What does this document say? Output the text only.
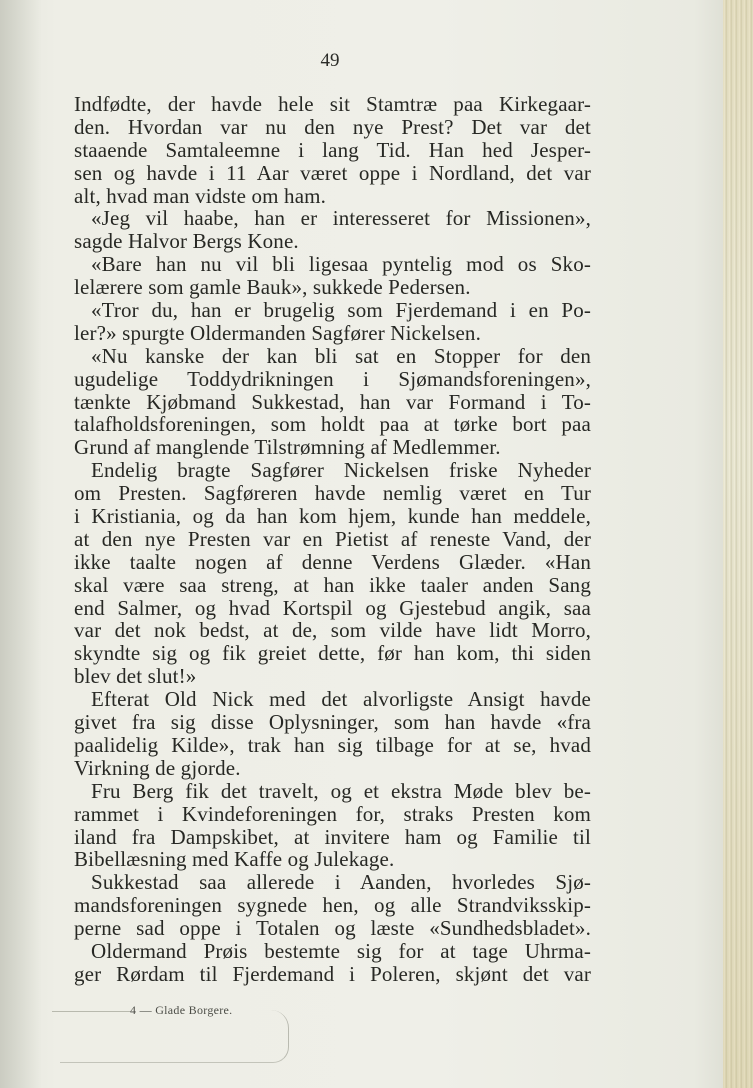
49
Indfødte, der havde hele sit Stamtræ paa Kirkegaar-
den. Hvordan var nu den nye Prest? Det var det
staaende Samtaleemne i lang Tid. Han hed Jesper-
sen og havde i 11 Aar været oppe i Nordland, det var
alt, hvad man vidste om ham.
«Jeg vil haabe, han er interesseret for Missionen»,
sagde Halvor Bergs Kone.
«Bare han nu vil bli ligesaa pyntelig mod os Sko-
lelærere som gamle Bauk», sukkede Pedersen.
«Tror du, han er brugelig som Fjerdemand i en Po-
ler?» spurgte Oldermanden Sagfører Nickelsen.
«Nu kanske der kan bli sat en Stopper for den
ugudelige Toddydrikningen i Sjømandsforeningen»,
tænkte Kjøbmand Sukkestad, han var Formand i To-
talafholdsforeningen, som holdt paa at tørke bort paa
Grund af manglende Tilstrømning af Medlemmer.
Endelig bragte Sagfører Nickelsen friske Nyheder
om Presten. Sagføreren havde nemlig været en Tur
i Kristiania, og da han kom hjem, kunde han meddele,
at den nye Presten var en Pietist af reneste Vand, der
ikke taalte nogen af denne Verdens Glæder. «Han
skal være saa streng, at han ikke taaler anden Sang
end Salmer, og hvad Kortspil og Gjestebud angik, saa
var det nok bedst, at de, som vilde have lidt Morro,
skyndte sig og fik greiet dette, før han kom, thi siden
blev det slut!»
Efterat Old Nick med det alvorligste Ansigt havde
givet fra sig disse Oplysninger, som han havde «fra
paalidelig Kilde», trak han sig tilbage for at se, hvad
Virkning de gjorde.
Fru Berg fik det travelt, og et ekstra Møde blev be-
rammet i Kvindeforeningen for, straks Presten kom
iland fra Dampskibet, at invitere ham og Familie til
Bibellæsning med Kaffe og Julekage.
Sukkestad saa allerede i Aanden, hvorledes Sjø-
mandsforeningen sygnede hen, og alle Strandviksskip-
perne sad oppe i Totalen og læste «Sundhedsbladet».
Oldermand Prøis bestemte sig for at tage Uhrma-
ger Rørdam til Fjerdemand i Poleren, skjønt det var
4 — Glade Borgere.
